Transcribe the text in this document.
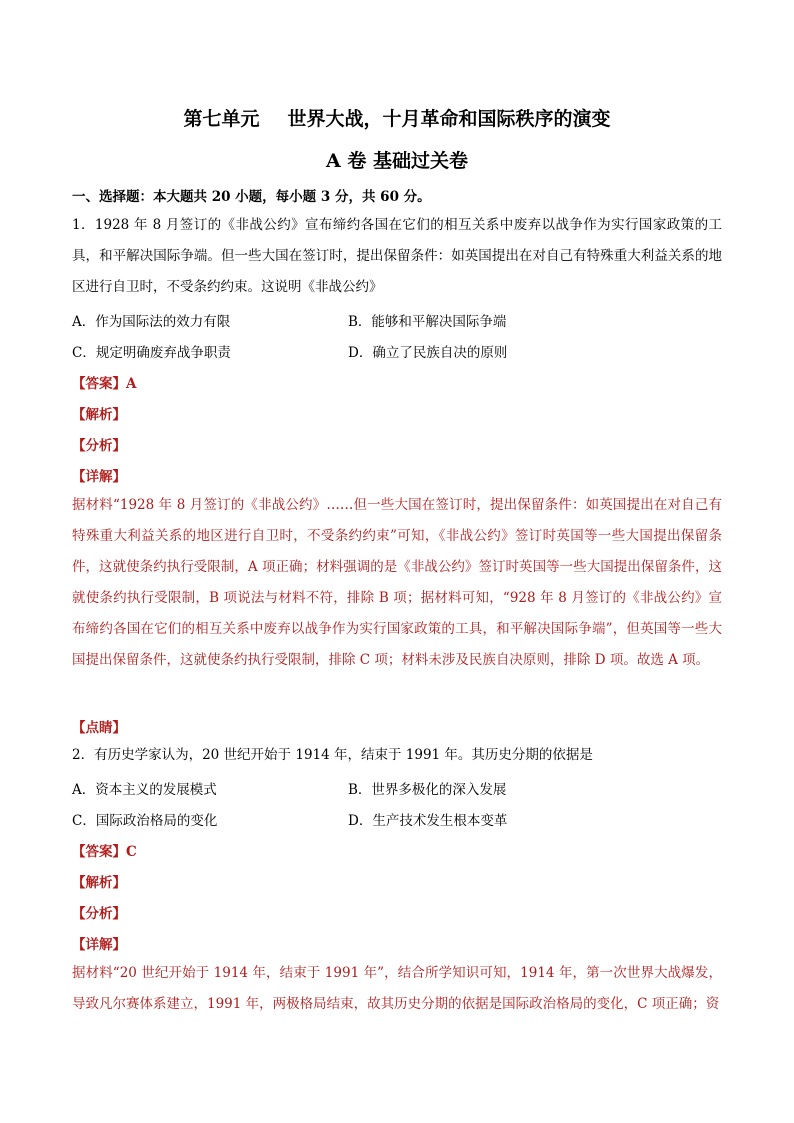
第七单元 世界大战，十月革命和国际秩序的演变
A 卷 基础过关卷
一、选择题：本大题共 20 小题，每小题 3 分，共 60 分。
1．1928 年 8 月签订的《非战公约》宣布缔约各国在它们的相互关系中废弃以战争作为实行国家政策的工具，和平解决国际争端。但一些大国在签订时，提出保留条件：如英国提出在对自己有特殊重大利益关系的地区进行自卫时，不受条约约束。这说明《非战公约》
A．作为国际法的效力有限	B．能够和平解决国际争端
C．规定明确废弃战争职责	D．确立了民族自决的原则
【答案】A
【解析】
【分析】
【详解】
据材料“1928 年 8 月签订的《非战公约》……但一些大国在签订时，提出保留条件：如英国提出在对自己有特殊重大利益关系的地区进行自卫时，不受条约约束”可知，《非战公约》签订时英国等一些大国提出保留条件，这就使条约执行受限制，A 项正确；材料强调的是《非战公约》签订时英国等一些大国提出保留条件，这就使条约执行受限制，B 项说法与材料不符，排除 B 项；据材料可知，“928 年 8 月签订的《非战公约》宣布缔约各国在它们的相互关系中废弃以战争作为实行国家政策的工具，和平解决国际争端”，但英国等一些大国提出保留条件，这就使条约执行受限制，排除 C 项；材料未涉及民族自决原则，排除 D 项。故选 A 项。
【点睛】
2．有历史学家认为，20 世纪开始于 1914 年，结束于 1991 年。其历史分期的依据是
A．资本主义的发展模式	B．世界多极化的深入发展
C．国际政治格局的变化	D．生产技术发生根本变革
【答案】C
【解析】
【分析】
【详解】
据材料“20 世纪开始于 1914 年，结束于 1991 年”，结合所学知识可知，1914 年，第一次世界大战爆发，导致凡尔赛体系建立，1991 年，两极格局结束，故其历史分期的依据是国际政治格局的变化，C 项正确；资
